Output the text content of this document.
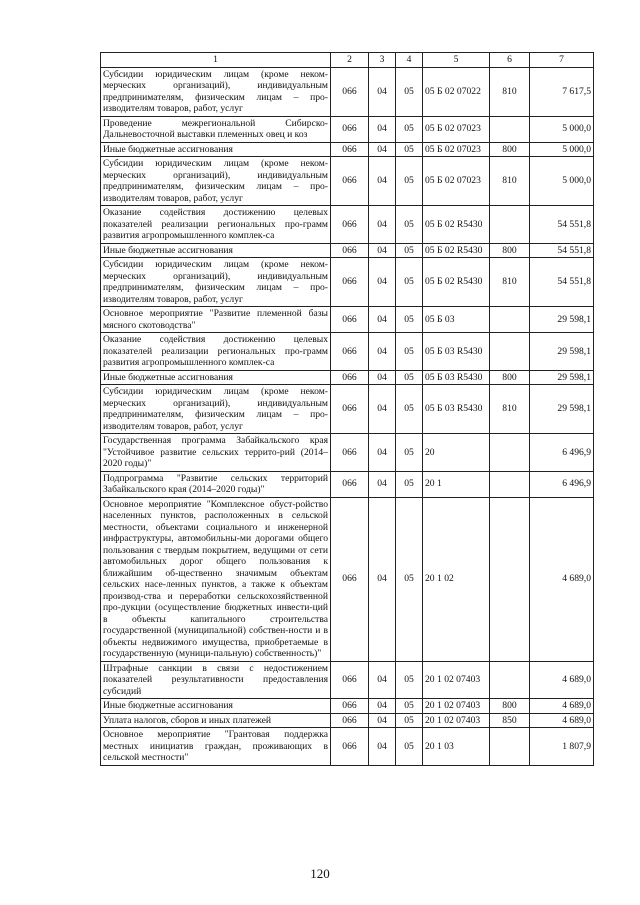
1	2	3	4	5	6	7
Субсидии юридическим лицам (кроме неком-мерческих организаций), индивидуальным предпринимателям, физическим лицам – про-изводителям товаров, работ, услуг	066	04	05	05 Б 02 07022	810	7 617,5
Проведение межрегиональной Сибирско-Дальневосточной выставки племенных овец и коз	066	04	05	05 Б 02 07023		5 000,0
Иные бюджетные ассигнования	066	04	05	05 Б 02 07023	800	5 000,0
Субсидии юридическим лицам (кроме неком-мерческих организаций), индивидуальным предпринимателям, физическим лицам – про-изводителям товаров, работ, услуг	066	04	05	05 Б 02 07023	810	5 000,0
Оказание содействия достижению целевых показателей реализации региональных про-грамм развития агропромышленного комплек-са	066	04	05	05 Б 02 R5430		54 551,8
Иные бюджетные ассигнования	066	04	05	05 Б 02 R5430	800	54 551,8
Субсидии юридическим лицам (кроме неком-мерческих организаций), индивидуальным предпринимателям, физическим лицам – про-изводителям товаров, работ, услуг	066	04	05	05 Б 02 R5430	810	54 551,8
Основное мероприятие "Развитие племенной базы мясного скотоводства"	066	04	05	05 Б 03		29 598,1
Оказание содействия достижению целевых показателей реализации региональных про-грамм развития агропромышленного комплек-са	066	04	05	05 Б 03 R5430		29 598,1
Иные бюджетные ассигнования	066	04	05	05 Б 03 R5430	800	29 598,1
Субсидии юридическим лицам (кроме неком-мерческих организаций), индивидуальным предпринимателям, физическим лицам – про-изводителям товаров, работ, услуг	066	04	05	05 Б 03 R5430	810	29 598,1
Государственная программа Забайкальского края "Устойчивое развитие сельских террито-рий (2014–2020 годы)"	066	04	05	20		6 496,9
Подпрограмма "Развитие сельских территорий Забайкальского края (2014–2020 годы)"	066	04	05	20 1		6 496,9
Основное мероприятие "Комплексное обуст-ройство населенных пунктов, расположенных в сельской местности, объектами социального и инженерной инфраструктуры, автомобильны-ми дорогами общего пользования с твердым покрытием, ведущими от сети автомобильных дорог общего пользования к ближайшим об-щественно значимым объектам сельских насе-ленных пунктов, а также к объектам производ-ства и переработки сельскохозяйственной про-дукции (осуществление бюджетных инвести-ций в объекты капитального строительства государственной (муниципальной) собствен-ности и в объекты недвижимого имущества, приобретаемые в государственную (муници-пальную) собственность)"	066	04	05	20 1 02		4 689,0
Штрафные санкции в связи с недостижением показателей результативности предоставления субсидий	066	04	05	20 1 02 07403		4 689,0
Иные бюджетные ассигнования	066	04	05	20 1 02 07403	800	4 689,0
Уплата налогов, сборов и иных платежей	066	04	05	20 1 02 07403	850	4 689,0
Основное мероприятие "Грантовая поддержка местных инициатив граждан, проживающих в сельской местности"	066	04	05	20 1 03		1 807,9
120
